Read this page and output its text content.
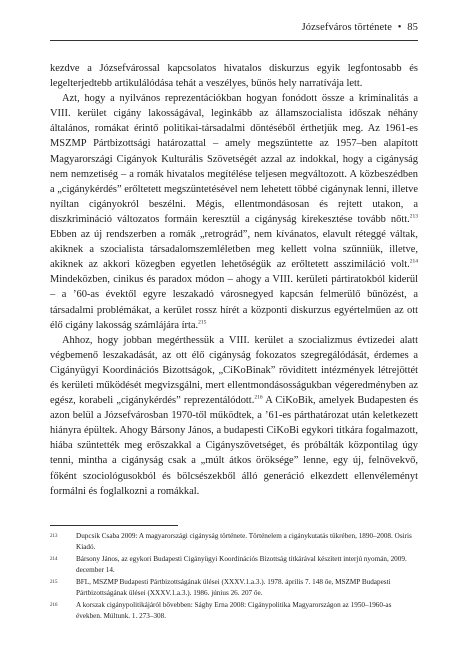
Józsefváros története • 85

kezdve a Józsefvárossal kapcsolatos hivatalos diskurzus egyik legfontosabb és legelterjedtebb artikulálódása tehát a veszélyes, bűnös hely narratívája lett.

Azt, hogy a nyilvános reprezentációkban hogyan fonódott össze a kriminalitás a VIII. kerület cigány lakosságával, leginkább az államszocialista időszak néhány általános, romákat érintő politikai-társadalmi döntéséből érthetjük meg. Az 1961-es MSZMP Pártbizottsági határozattal – amely megszüntette az 1957–ben alapított Magyarországi Cigányok Kulturális Szövetségét azzal az indokkal, hogy a cigányság nem nemzetiség – a romák hivatalos megítélése teljesen megváltozott. A közbeszédben a „cigánykérdés” erőltetett megszüntetésével nem lehetett többé cigánynak lenni, illetve nyíltan cigányokról beszélni. Mégis, ellentmondásosan és rejtett utakon, a diszkrimináció változatos formáin keresztül a cigányság kirekesztése tovább nőtt.$^{213}$ Ebben az új rendszerben a romák „retrográd”, nem kívánatos, elavult réteggé váltak, akiknek a szocialista társadalomszemléletben meg kellett volna szűnniük, illetve, akiknek az akkori közegben egyetlen lehetőségük az erőltetett asszimiláció volt.$^{214}$ Mindeközben, cinikus és paradox módon – ahogy a VIII. kerületi pártiratokból kiderül – a ’60-as évektől egyre leszakadó városnegyed kapcsán felmerülő bűnözést, a társadalmi problémákat, a kerület rossz hírét a központi diskurzus egyértelműen az ott élő cigány lakosság számlájára írta.$^{215}$

Ahhoz, hogy jobban megérthessük a VIII. kerület a szocializmus évtizedei alatt végbemenő leszakadását, az ott élő cigányság fokozatos szegregálódását, érdemes a Cigányügyi Koordinációs Bizottságok, „CiKoBinak” rövidített intézmények létrejöttét és kerületi működését megvizsgálni, mert ellentmondásosságukban végeredményben az egész, korabeli „cigánykérdés” reprezentálódott.$^{216}$ A CiKoBik, amelyek Budapesten és azon belül a Józsefvárosban 1970-től működtek, a ’61-es párthatározat után keletkezett hiányra épültek. Ahogy Bársony János, a budapesti CiKoBi egykori titkára fogalmazott, hiába szüntették meg erőszakkal a Cigányszövetséget, és próbálták központilag úgy tenni, mintha a cigányság csak a „múlt átkos öröksége” lenne, egy új, felnövekvő, főként szociológusokból és bölcsészekből álló generáció elkezdett ellenvéleményt formálni és foglalkozni a romákkal.

213	Dupcsik Csaba 2009: A magyarországi cigányság története. Történelem a cigánykutatás tükrében, 1890–2008. Osiris Kiadó.
214	Bársony János, az egykori Budapesti Cigányügyi Koordinációs Bizottság titkárával készített interjú nyomán, 2009. december 14.
215	BFL, MSZMP Budapesti Pártbizottságának ülései (XXXV.1.a.3.). 1978. április 7. 148 őe, MSZMP Budapesti Pártbizottságának ülései (XXXV.1.a.3.). 1986. június 26. 207 őe.
216	A korszak cigánypolitikájáról bővebben: Sághy Erna 2008: Cigánypolitika Magyarországon az 1950–1960-as években. Múltunk. 1. 273–308.
